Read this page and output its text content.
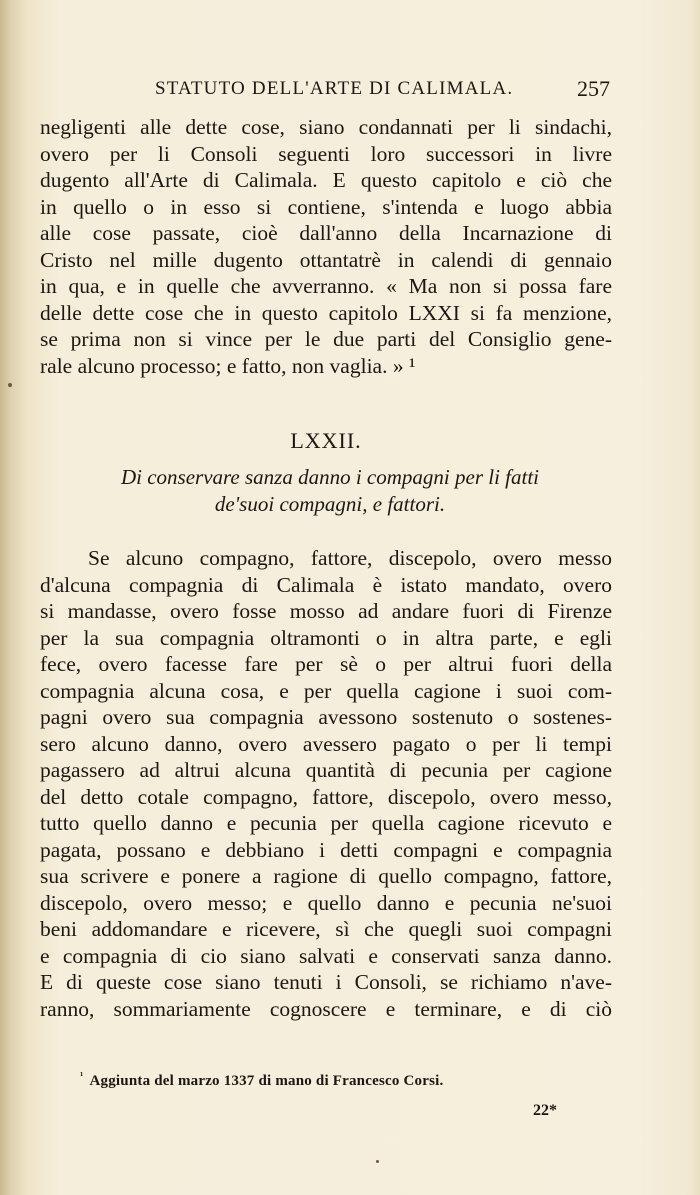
STATUTO DELL'ARTE DI CALIMALA.	257
negligenti alle dette cose, siano condannati per li sindachi,
overo per li Consoli seguenti loro successori in livre
dugento all'Arte di Calimala. E questo capitolo e ciò che
in quello o in esso si contiene, s'intenda e luogo abbia
alle cose passate, cioè dall'anno della Incarnazione di
Cristo nel mille dugento ottantatrè in calendi di gennaio
in qua, e in quelle che avverranno. « Ma non si possa fare
delle dette cose che in questo capitolo LXXI si fa menzione,
se prima non si vince per le due parti del Consiglio gene-
rale alcuno processo; e fatto, non vaglia. » ¹
LXXII.
Di conservare sanza danno i compagni per li fatti
de'suoi compagni, e fattori.
Se alcuno compagno, fattore, discepolo, overo messo
d'alcuna compagnia di Calimala è istato mandato, overo
si mandasse, overo fosse mosso ad andare fuori di Firenze
per la sua compagnia oltramonti o in altra parte, e egli
fece, overo facesse fare per sè o per altrui fuori della
compagnia alcuna cosa, e per quella cagione i suoi com-
pagni overo sua compagnia avessono sostenuto o sostenes-
sero alcuno danno, overo avessero pagato o per li tempi
pagassero ad altrui alcuna quantità di pecunia per cagione
del detto cotale compagno, fattore, discepolo, overo messo,
tutto quello danno e pecunia per quella cagione ricevuto e
pagata, possano e debbiano i detti compagni e compagnia
sua scrivere e ponere a ragione di quello compagno, fattore,
discepolo, overo messo; e quello danno e pecunia ne'suoi
beni addomandare e ricevere, sì che quegli suoi compagni
e compagnia di cio siano salvati e conservati sanza danno.
E di queste cose siano tenuti i Consoli, se richiamo n'ave-
ranno, sommariamente cognoscere e terminare, e di ciò
$^{^1}$ Aggiunta del marzo 1337 di mano di Francesco Corsi.
22*
